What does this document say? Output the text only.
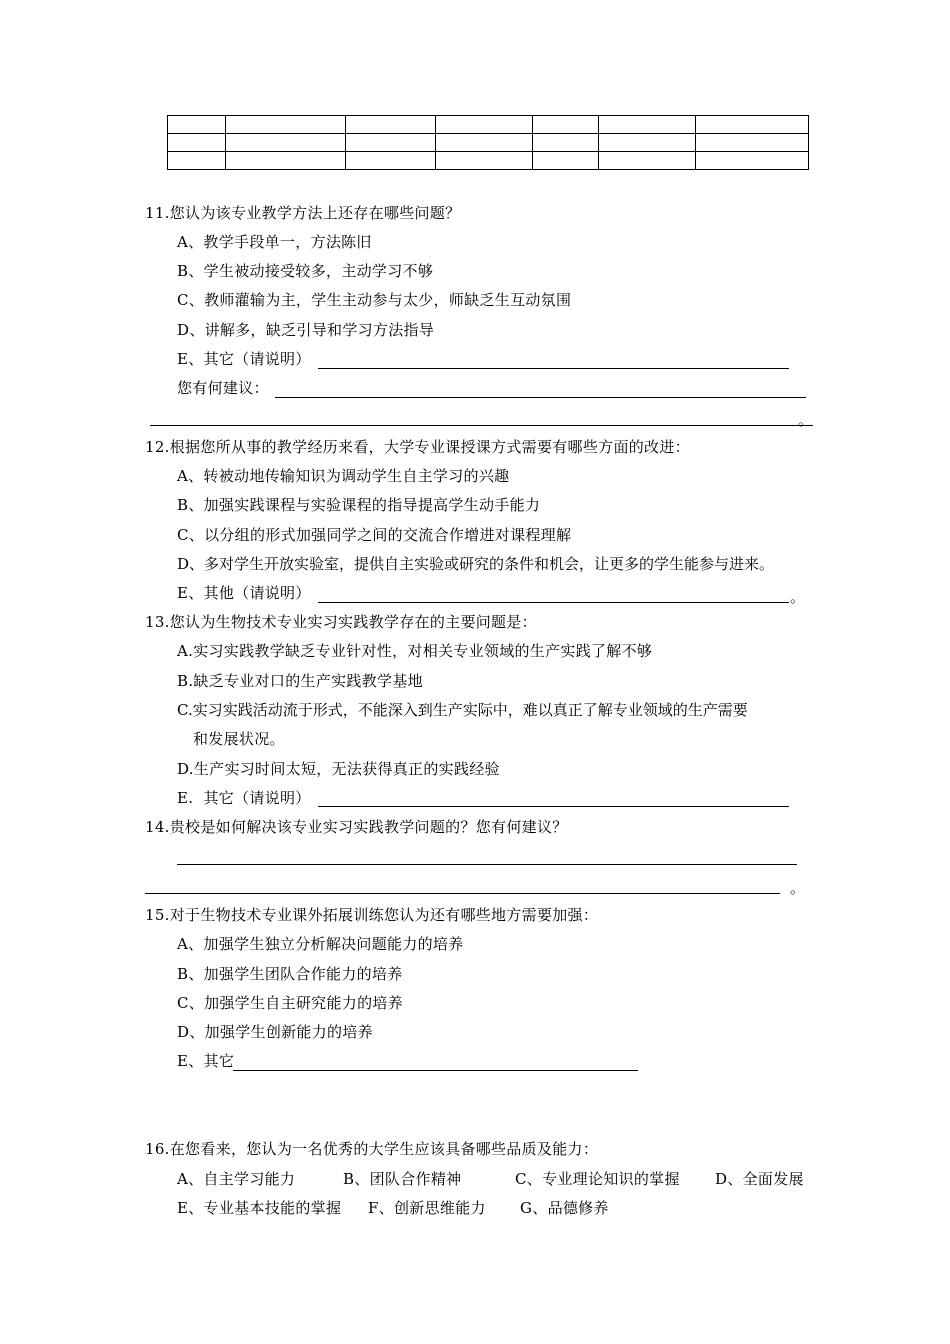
11.您认为该专业教学方法上还存在哪些问题？
A、教学手段单一，方法陈旧
B、学生被动接受较多，主动学习不够
C、教师灌输为主，学生主动参与太少，师缺乏生互动氛围
D、讲解多，缺乏引导和学习方法指导
E、其它（请说明）
您有何建议：
。
12.根据您所从事的教学经历来看，大学专业课授课方式需要有哪些方面的改进：
A、转被动地传输知识为调动学生自主学习的兴趣
B、加强实践课程与实验课程的指导提高学生动手能力
C、以分组的形式加强同学之间的交流合作增进对课程理解
D、多对学生开放实验室，提供自主实验或研究的条件和机会，让更多的学生能参与进来。
E、其他（请说明）	。
13.您认为生物技术专业实习实践教学存在的主要问题是：
A.实习实践教学缺乏专业针对性，对相关专业领域的生产实践了解不够
B.缺乏专业对口的生产实践教学基地
C.实习实践活动流于形式，不能深入到生产实际中，难以真正了解专业领域的生产需要
和发展状况。
D.生产实习时间太短，无法获得真正的实践经验
E.  其它（请说明）
14.贵校是如何解决该专业实习实践教学问题的？您有何建议？
。
15.对于生物技术专业课外拓展训练您认为还有哪些地方需要加强：
A、加强学生独立分析解决问题能力的培养
B、加强学生团队合作能力的培养
C、加强学生自主研究能力的培养
D、加强学生创新能力的培养
E、其它
16.在您看来，您认为一名优秀的大学生应该具备哪些品质及能力：
A、自主学习能力	B、团队合作精神	C、专业理论知识的掌握 D、全面发展
E、专业基本技能的掌握 F、创新思维能力 G、品德修养
